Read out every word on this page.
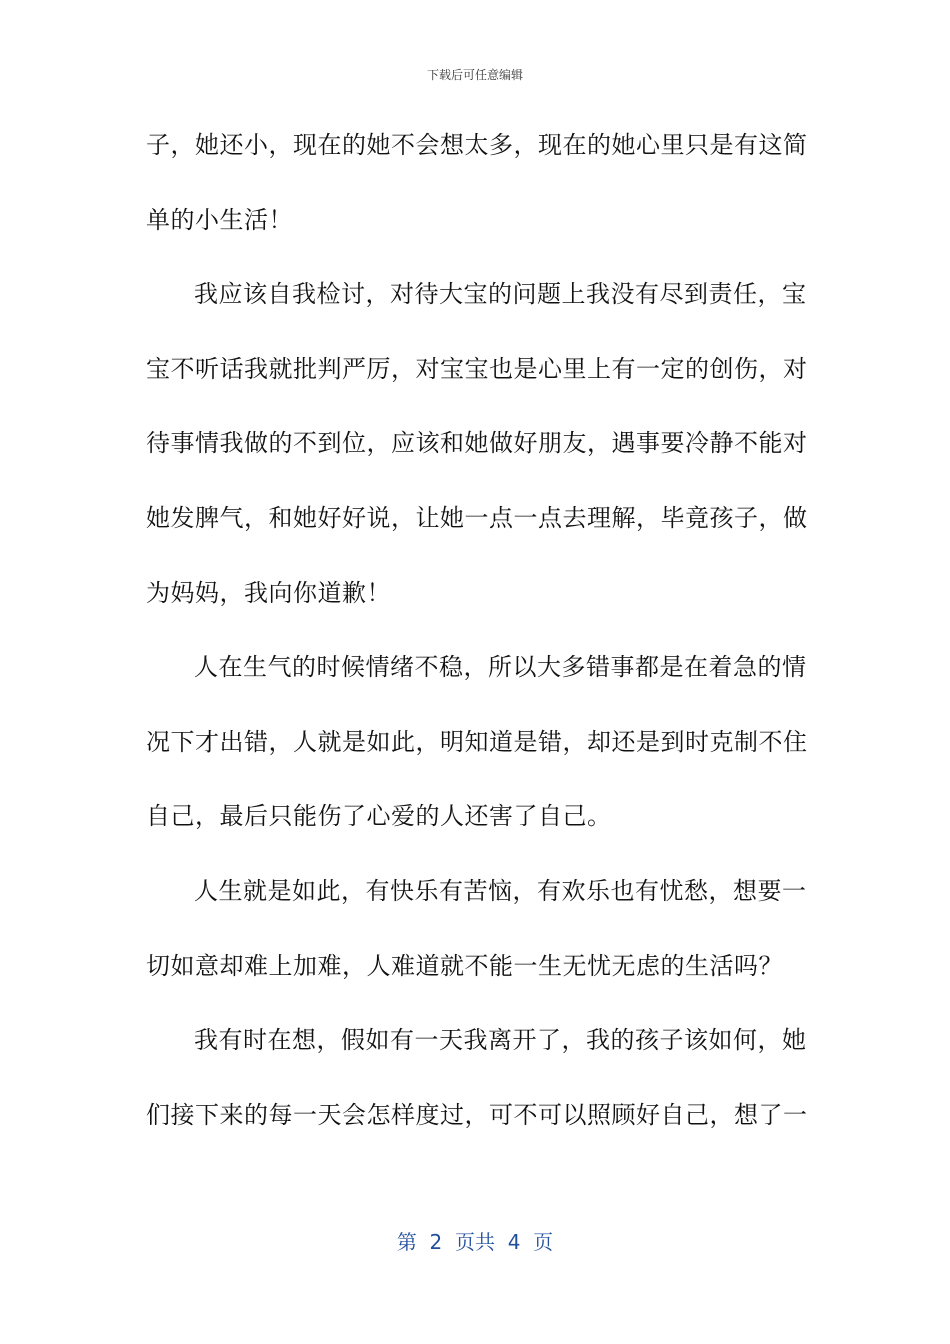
下载后可任意编辑
子，她还小，现在的她不会想太多，现在的她心里只是有这简
单的小生活！
我应该自我检讨，对待大宝的问题上我没有尽到责任，宝
宝不听话我就批判严厉，对宝宝也是心里上有一定的创伤，对
待事情我做的不到位，应该和她做好朋友，遇事要冷静不能对
她发脾气，和她好好说，让她一点一点去理解，毕竟孩子，做
为妈妈，我向你道歉！
人在生气的时候情绪不稳，所以大多错事都是在着急的情
况下才出错，人就是如此，明知道是错，却还是到时克制不住
自己，最后只能伤了心爱的人还害了自己。
人生就是如此，有快乐有苦恼，有欢乐也有忧愁，想要一
切如意却难上加难，人难道就不能一生无忧无虑的生活吗？
我有时在想，假如有一天我离开了，我的孩子该如何，她
们接下来的每一天会怎样度过，可不可以照顾好自己，想了一
第  2  页共  4  页
